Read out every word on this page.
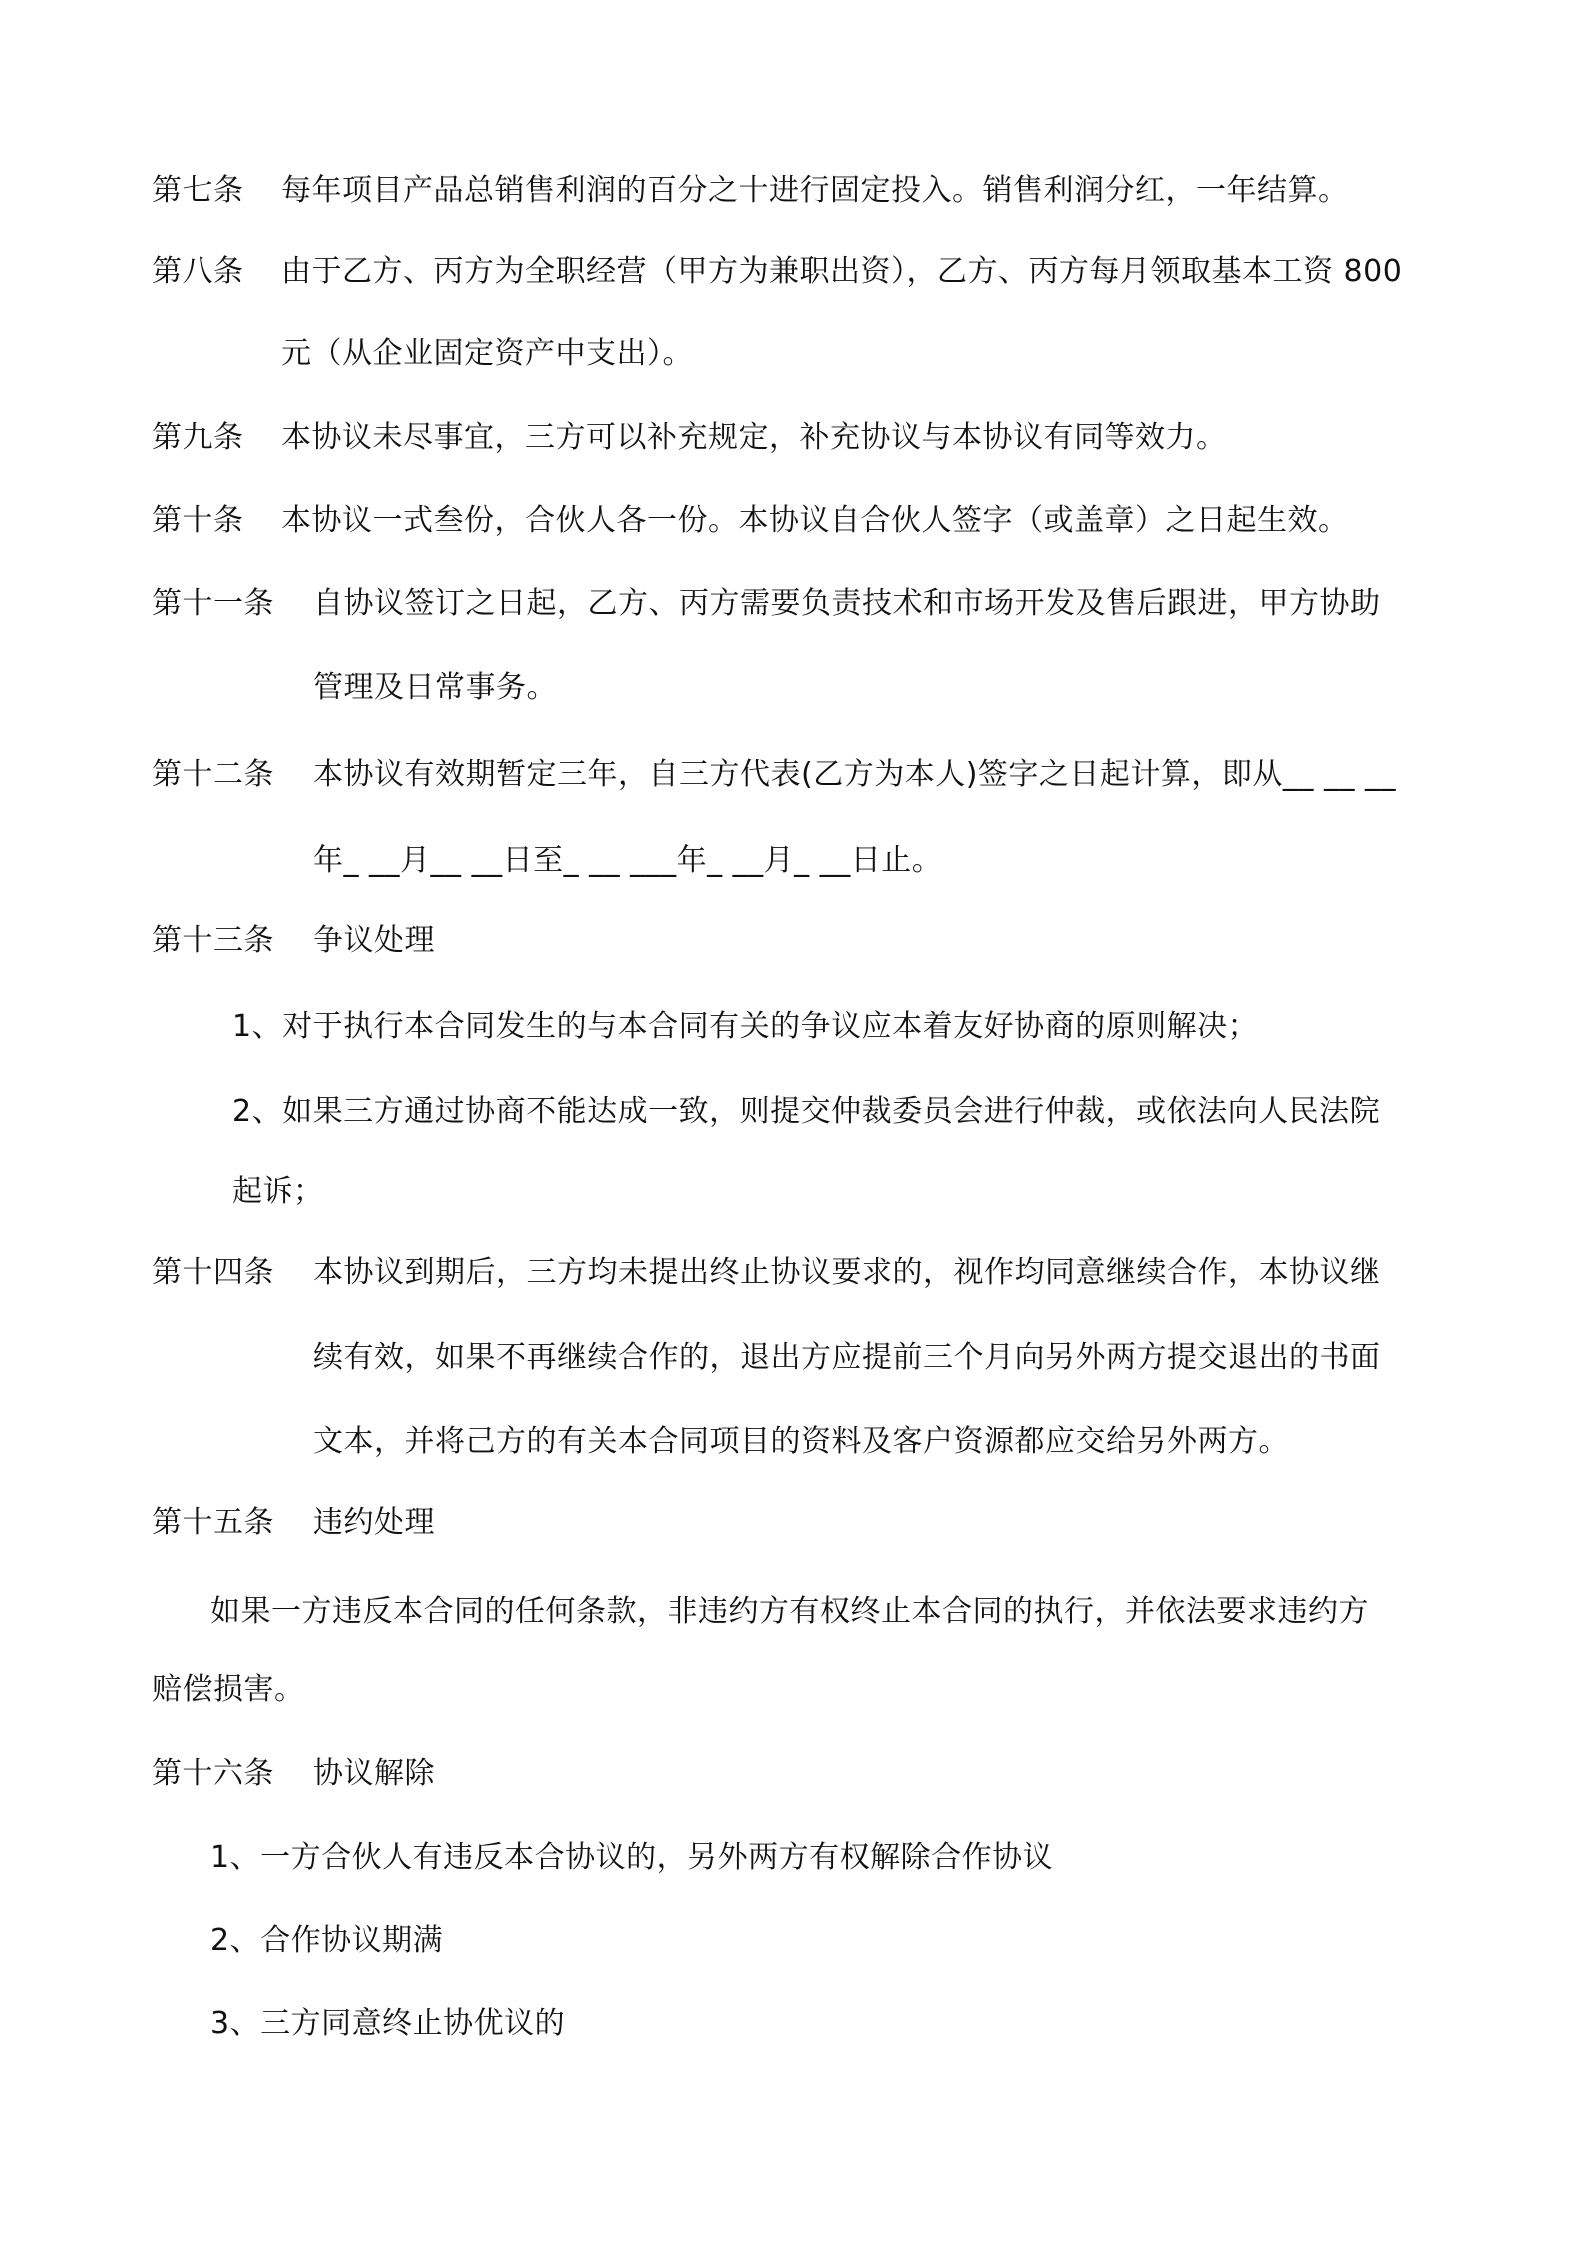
第七条 每年项目产品总销售利润的百分之十进行固定投入。销售利润分红，一年结算。
第八条 由于乙方、丙方为全职经营（甲方为兼职出资），乙方、丙方每月领取基本工资 800
元（从企业固定资产中支出）。
第九条 本协议未尽事宜，三方可以补充规定，补充协议与本协议有同等效力。
第十条 本协议一式叁份，合伙人各一份。本协议自合伙人签字（或盖章）之日起生效。
第十一条 自协议签订之日起，乙方、丙方需要负责技术和市场开发及售后跟进，甲方协助
管理及日常事务。
第十二条 本协议有效期暂定三年，自三方代表(乙方为本人)签字之日起计算，即从__ __ __
年_ __月__ __日至_ __ ___年_ __月_ __日止。
第十三条 争议处理
1、对于执行本合同发生的与本合同有关的争议应本着友好协商的原则解决；
2、如果三方通过协商不能达成一致，则提交仲裁委员会进行仲裁，或依法向人民法院
起诉；
第十四条 本协议到期后，三方均未提出终止协议要求的，视作均同意继续合作，本协议继
续有效，如果不再继续合作的，退出方应提前三个月向另外两方提交退出的书面
文本，并将己方的有关本合同项目的资料及客户资源都应交给另外两方。
第十五条 违约处理
如果一方违反本合同的任何条款，非违约方有权终止本合同的执行，并依法要求违约方
赔偿损害。
第十六条 协议解除
1、一方合伙人有违反本合协议的，另外两方有权解除合作协议
2、合作协议期满
3、三方同意终止协优议的
